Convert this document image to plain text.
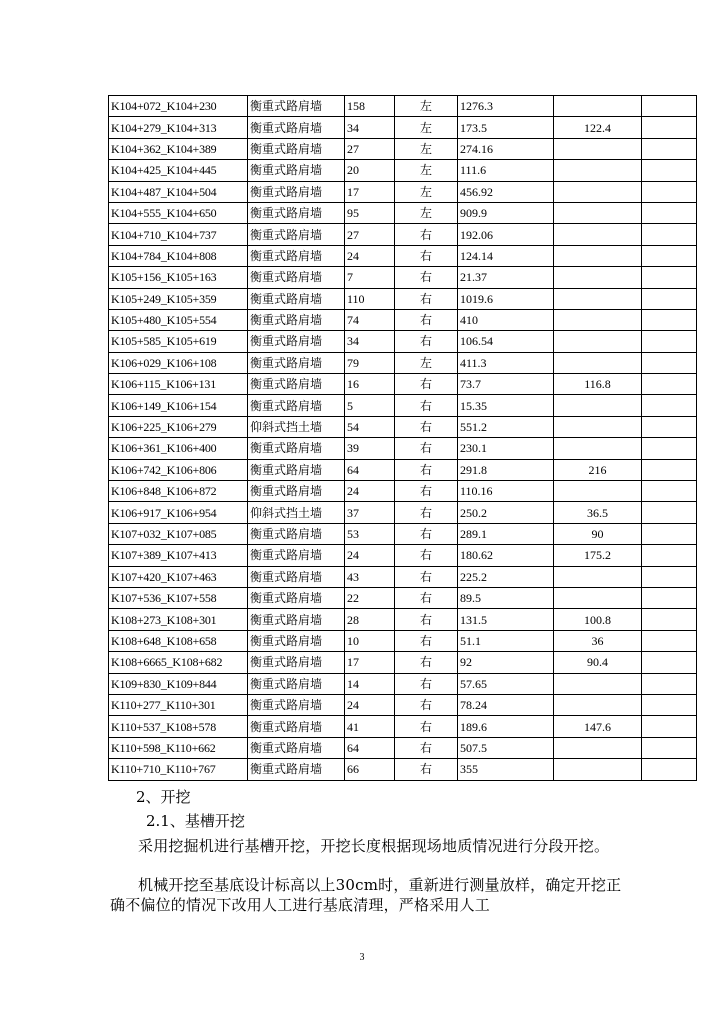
K104+072_K104+230	衡重式路肩墙	158	左	1276.3		
K104+279_K104+313	衡重式路肩墙	34	左	173.5	122.4	
K104+362_K104+389	衡重式路肩墙	27	左	274.16		
K104+425_K104+445	衡重式路肩墙	20	左	111.6		
K104+487_K104+504	衡重式路肩墙	17	左	456.92		
K104+555_K104+650	衡重式路肩墙	95	左	909.9		
K104+710_K104+737	衡重式路肩墙	27	右	192.06		
K104+784_K104+808	衡重式路肩墙	24	右	124.14		
K105+156_K105+163	衡重式路肩墙	7	右	21.37		
K105+249_K105+359	衡重式路肩墙	110	右	1019.6		
K105+480_K105+554	衡重式路肩墙	74	右	410		
K105+585_K105+619	衡重式路肩墙	34	右	106.54		
K106+029_K106+108	衡重式路肩墙	79	左	411.3		
K106+115_K106+131	衡重式路肩墙	16	右	73.7	116.8	
K106+149_K106+154	衡重式路肩墙	5	右	15.35		
K106+225_K106+279	仰斜式挡土墙	54	右	551.2		
K106+361_K106+400	衡重式路肩墙	39	右	230.1		
K106+742_K106+806	衡重式路肩墙	64	右	291.8	216	
K106+848_K106+872	衡重式路肩墙	24	右	110.16		
K106+917_K106+954	仰斜式挡土墙	37	右	250.2	36.5	
K107+032_K107+085	衡重式路肩墙	53	右	289.1	90	
K107+389_K107+413	衡重式路肩墙	24	右	180.62	175.2	
K107+420_K107+463	衡重式路肩墙	43	右	225.2		
K107+536_K107+558	衡重式路肩墙	22	右	89.5		
K108+273_K108+301	衡重式路肩墙	28	右	131.5	100.8	
K108+648_K108+658	衡重式路肩墙	10	右	51.1	36	
K108+6665_K108+682	衡重式路肩墙	17	右	92	90.4	
K109+830_K109+844	衡重式路肩墙	14	右	57.65		
K110+277_K110+301	衡重式路肩墙	24	右	78.24		
K110+537_K108+578	衡重式路肩墙	41	右	189.6	147.6	
K110+598_K110+662	衡重式路肩墙	64	右	507.5		
K110+710_K110+767	衡重式路肩墙	66	右	355		
2、开挖
2.1、基槽开挖
采用挖掘机进行基槽开挖，开挖长度根据现场地质情况进行分段开挖。
机械开挖至基底设计标高以上30cm时，重新进行测量放样，确定开挖正确不偏位的情况下改用人工进行基底清理，严格采用人工
3
